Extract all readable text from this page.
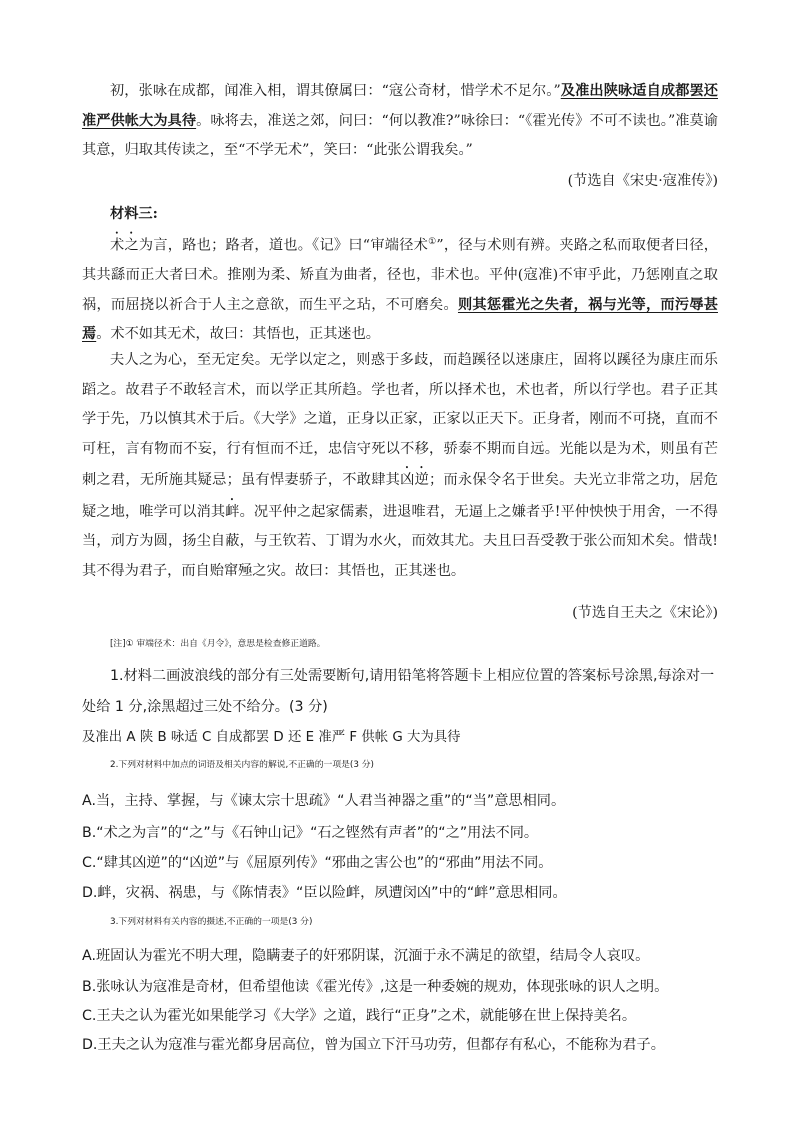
初，张咏在成都，闻准入相，谓其僚属曰：“寇公奇材，惜学术不足尔。”及准出陕咏适自成都罢还准严供帐大为具待。咏将去，准送之郊，问曰：“何以教准?”咏徐曰：“《霍光传》不可不读也。”准莫谕其意，归取其传读之，至“不学无术”，笑曰：“此张公谓我矣。”

(节选自《宋史·寇准传》)
材料三:

术之为言，路也；路者，道也。《记》曰“审端径术①”，径与术则有辨。夹路之私而取便者曰径，其共繇而正大者曰术。推刚为柔、矫直为曲者，径也，非术也。平仲(寇准)不审乎此，乃惩刚直之取祸，而屈挠以祈合于人主之意欲，而生平之玷，不可磨矣。则其惩霍光之失者，祸与光等，而污辱甚焉。术不如其无术，故曰：其悟也，正其迷也。

夫人之为心，至无定矣。无学以定之，则惑于多歧，而趋蹊径以迷康庄，固将以蹊径为康庄而乐蹈之。故君子不敢轻言术，而以学正其所趋。学也者，所以择术也，术也者，所以行学也。君子正其学于先，乃以慎其术于后。《大学》之道，正身以正家，正家以正天下。正身者，刚而不可挠，直而不可枉，言有物而不妄，行有恒而不迁，忠信守死以不移，骄泰不期而自远。光能以是为术，则虽有芒刺之君，无所施其疑忌；虽有悍妻骄子，不敢肆其凶逆；而永保令名于世矣。夫光立非常之功，居危疑之地，唯学可以消其衅。况平仲之起家儒素，进退唯君，无逼上之嫌者乎!平仲怏怏于用舍，一不得当，刓方为圆，扬尘自蔽，与王钦若、丁谓为水火，而效其尤。夫且曰吾受教于张公而知术矣。惜哉!其不得为君子，而自贻窜殛之灾。故曰：其悟也，正其迷也。

(节选自王夫之《宋论》)
[注]① 审端径术：出自《月令》，意思是检查修正道路。
1.材料二画波浪线的部分有三处需要断句,请用铅笔将答题卡上相应位置的答案标号涂黑,每涂对一处给 1 分,涂黑超过三处不给分。(3 分)
及准出 A 陕 B 咏适 C 自成都罢 D 还 E 准严 F 供帐 G 大为具待
2.下列对材料中加点的词语及相关内容的解说,不正确的一项是(3 分)
A.当，主持、掌握，与《谏太宗十思疏》“人君当神器之重”的“当”意思相同。
B.“术之为言”的“之”与《石钟山记》“石之铿然有声者”的“之”用法不同。
C.“肆其凶逆”的“凶逆”与《屈原列传》“邪曲之害公也”的“邪曲”用法不同。
D.衅，灾祸、祸患，与《陈情表》“臣以险衅，夙遭闵凶”中的“衅”意思相同。
3.下列对材料有关内容的摄述,不正确的一项是(3 分)
A.班固认为霍光不明大理，隐瞒妻子的奸邪阴谋，沉湎于永不满足的欲望，结局令人哀叹。
B.张咏认为寇准是奇材，但希望他读《霍光传》,这是一种委婉的规劝，体现张咏的识人之明。
C.王夫之认为霍光如果能学习《大学》之道，践行“正身”之术，就能够在世上保持美名。
D.王夫之认为寇准与霍光都身居高位，曾为国立下汗马功劳，但都存有私心，不能称为君子。
